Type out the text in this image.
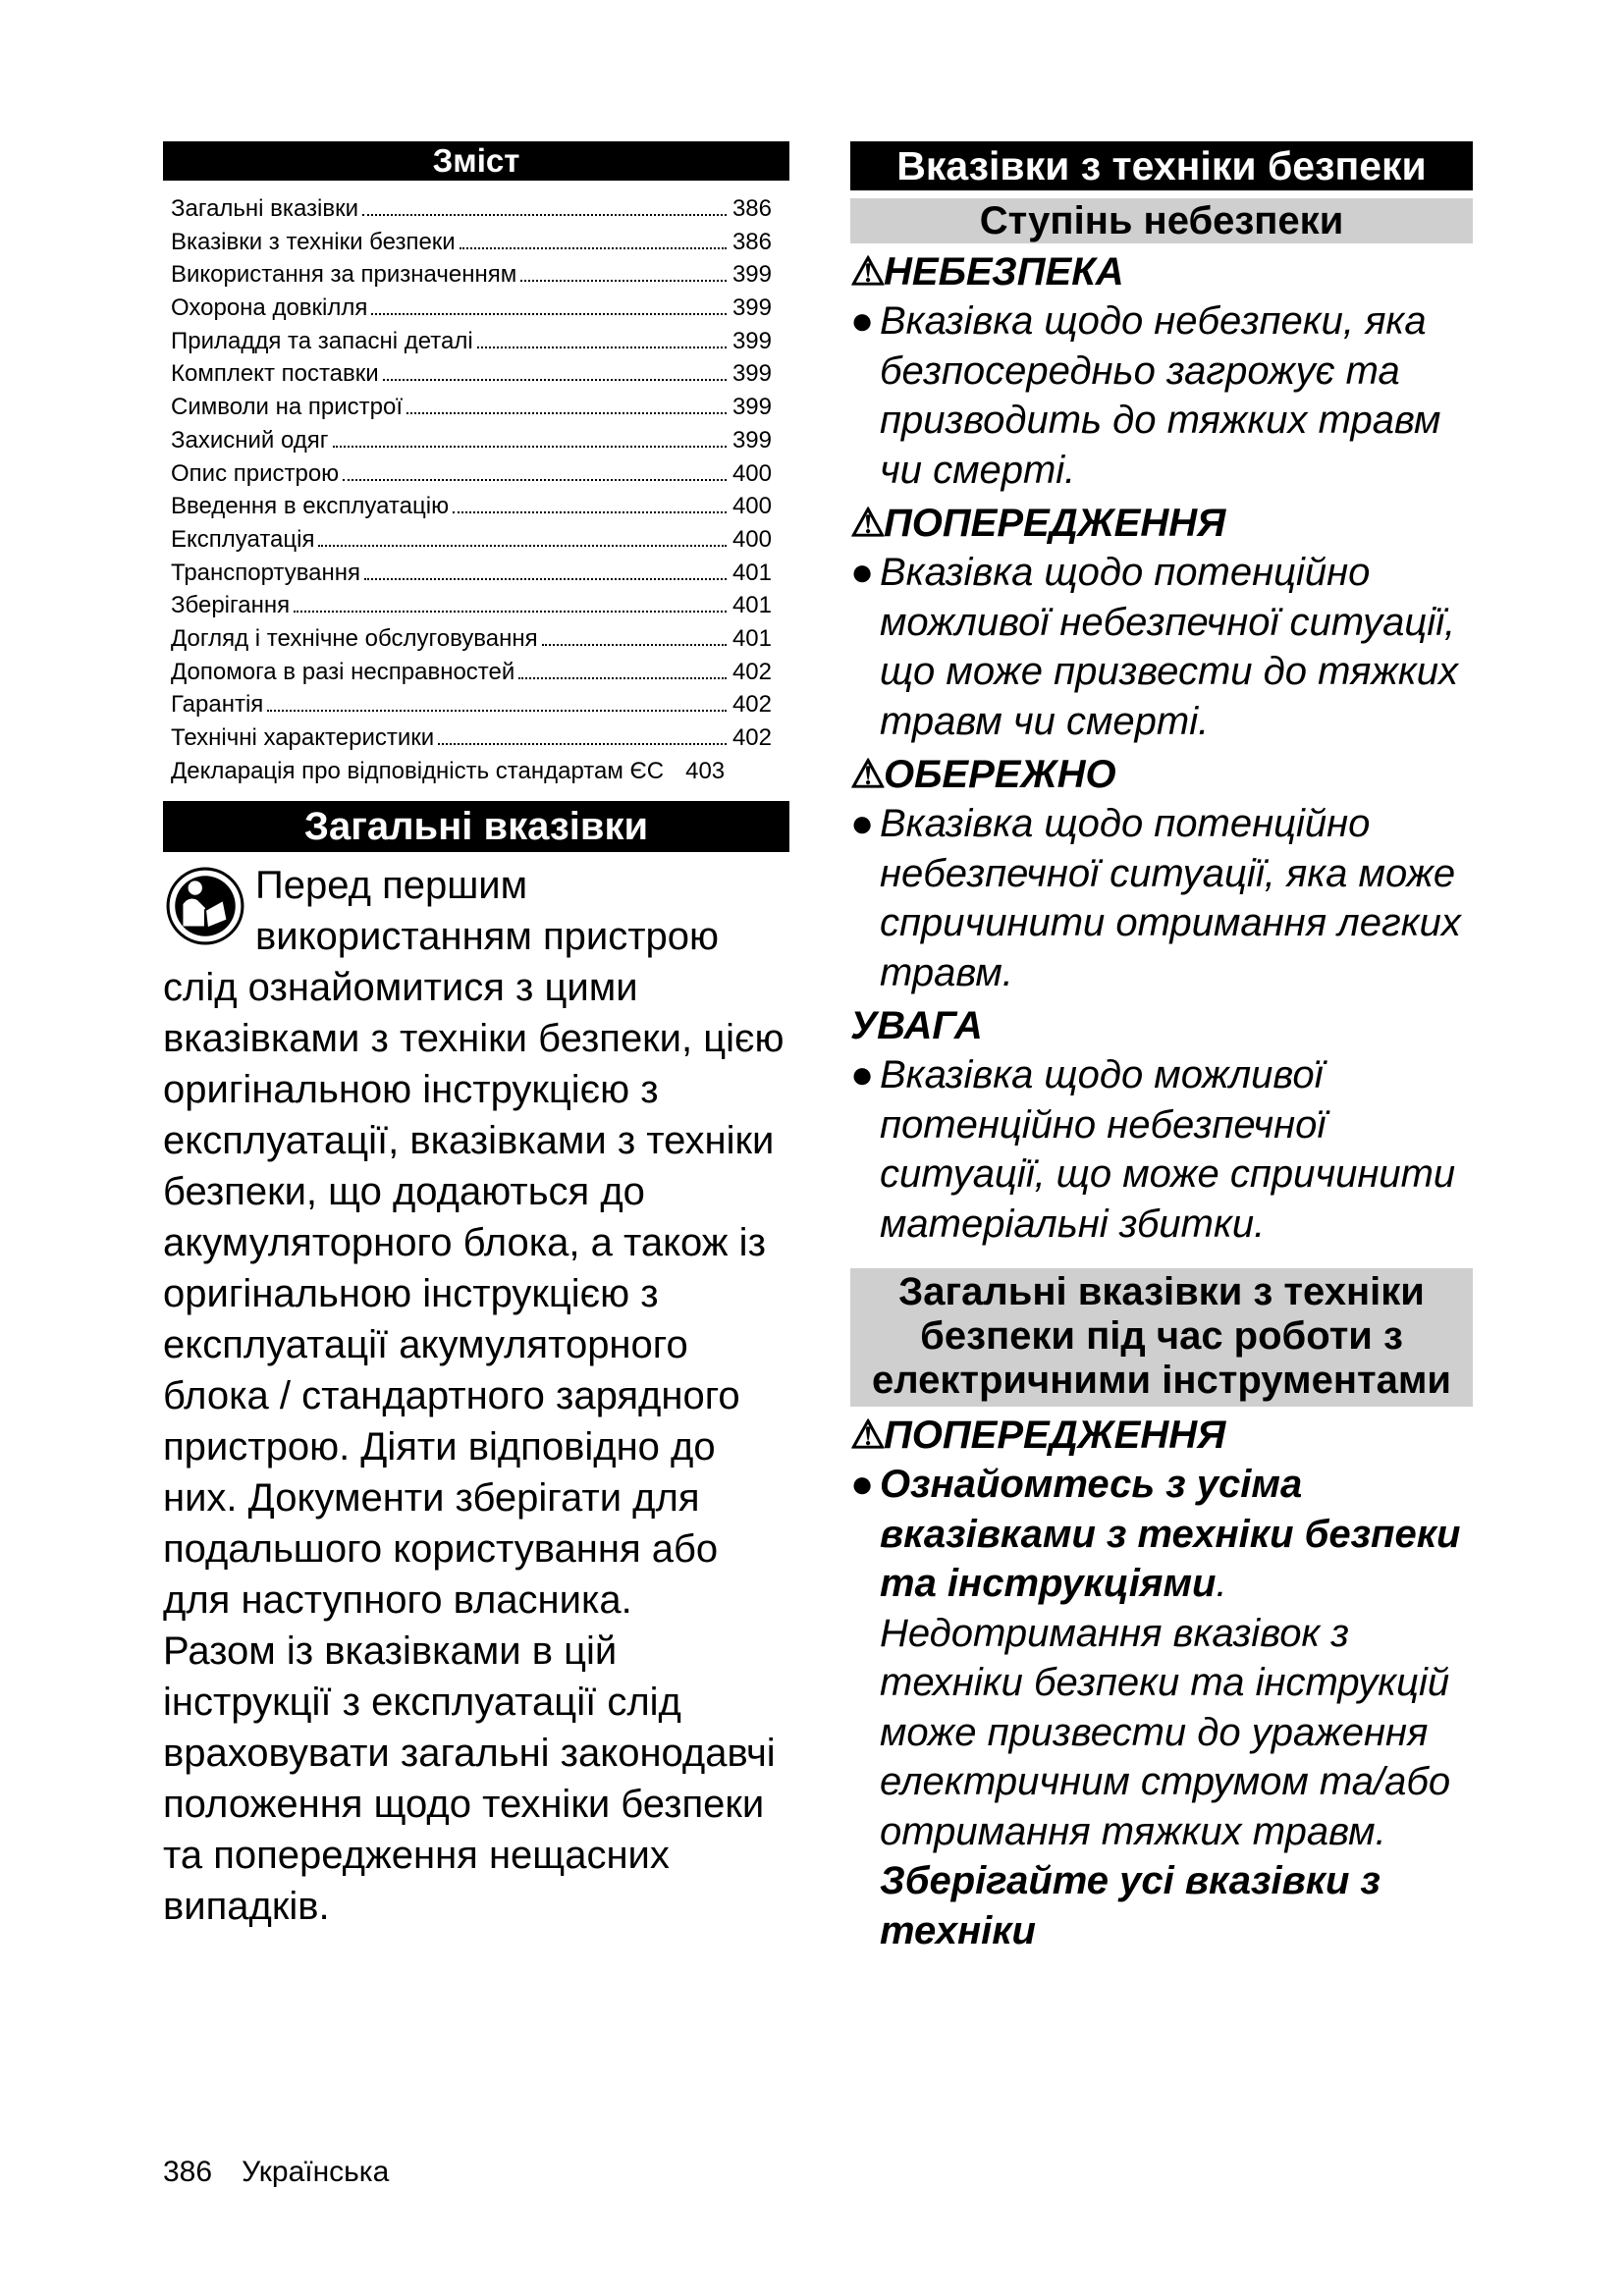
Зміст
Загальні вказівки	386
Вказівки з техніки безпеки	386
Використання за призначенням	399
Охорона довкілля	399
Приладдя та запасні деталі	399
Комплект поставки	399
Символи на пристрої	399
Захисний одяг	399
Опис пристрою	400
Введення в експлуатацію	400
Експлуатація	400
Транспортування	401
Зберігання	401
Догляд і технічне обслуговування	401
Допомога в разі несправностей	402
Гарантія	402
Технічні характеристики	402
Декларація про відповідність стандартам ЄС 403
Загальні вказівки

Перед першим використанням пристрою слід ознайомитися з цими вказівками з техніки безпеки, цією оригінальною інструкцією з експлуатації, вказівками з техніки безпеки, що додаються до акумуляторного блока, а також із оригінальною інструкцією з експлуатації акумуляторного блока / стандартного зарядного пристрою. Діяти відповідно до них. Документи зберігати для подальшого користування або для наступного власника.

Разом із вказівками в цій інструкції з експлуатації слід враховувати загальні законодавчі положення щодо техніки безпеки та попередження нещасних випадків.

Вказівки з техніки безпеки
Ступінь небезпеки
⚠НЕБЕЗПЕКА
● Вказівка щодо небезпеки, яка безпосередньо загрожує та призводить до тяжких травм чи смерті.
⚠ПОПЕРЕДЖЕННЯ
● Вказівка щодо потенційно можливої небезпечної ситуації, що може призвести до тяжких травм чи смерті.
⚠ОБЕРЕЖНО
● Вказівка щодо потенційно небезпечної ситуації, яка може спричинити отримання легких травм.
УВАГА
● Вказівка щодо можливої потенційно небезпечної ситуації, що може спричинити матеріальні збитки.
Загальні вказівки з техніки безпеки під час роботи з електричними інструментами
⚠ПОПЕРЕДЖЕННЯ
● Ознайомтесь з усіма вказівками з техніки безпеки та інструкціями. Недотримання вказівок з техніки безпеки та інструкцій може призвести до ураження електричним струмом та/або отримання тяжких травм. Зберігайте усі вказівки з техніки
386 Українська
